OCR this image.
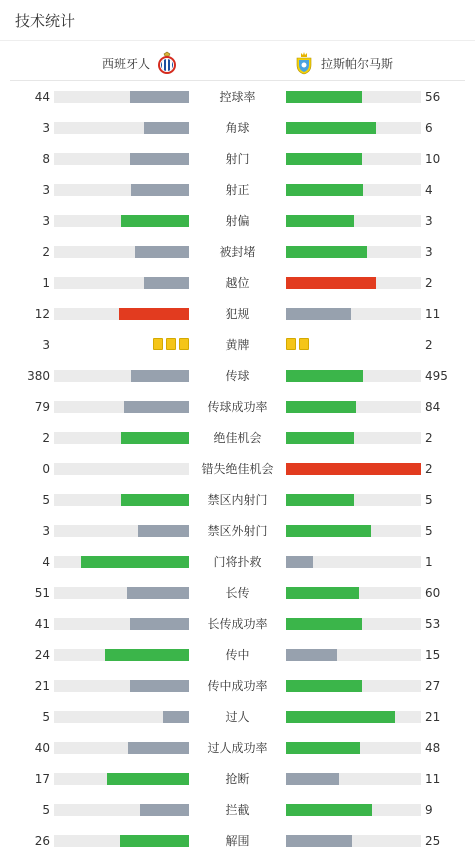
技术统计
西班牙人	拉斯帕尔马斯
44	控球率	56
3	角球	6
8	射门	10
3	射正	4
3	射偏	3
2	被封堵	3
1	越位	2
12	犯规	11
3	黄牌	2
380	传球	495
79	传球成功率	84
2	绝佳机会	2
0	错失绝佳机会	2
5	禁区内射门	5
3	禁区外射门	5
4	门将扑救	1
51	长传	60
41	长传成功率	53
24	传中	15
21	传中成功率	27
5	过人	21
40	过人成功率	48
17	抢断	11
5	拦截	9
26	解围	25
